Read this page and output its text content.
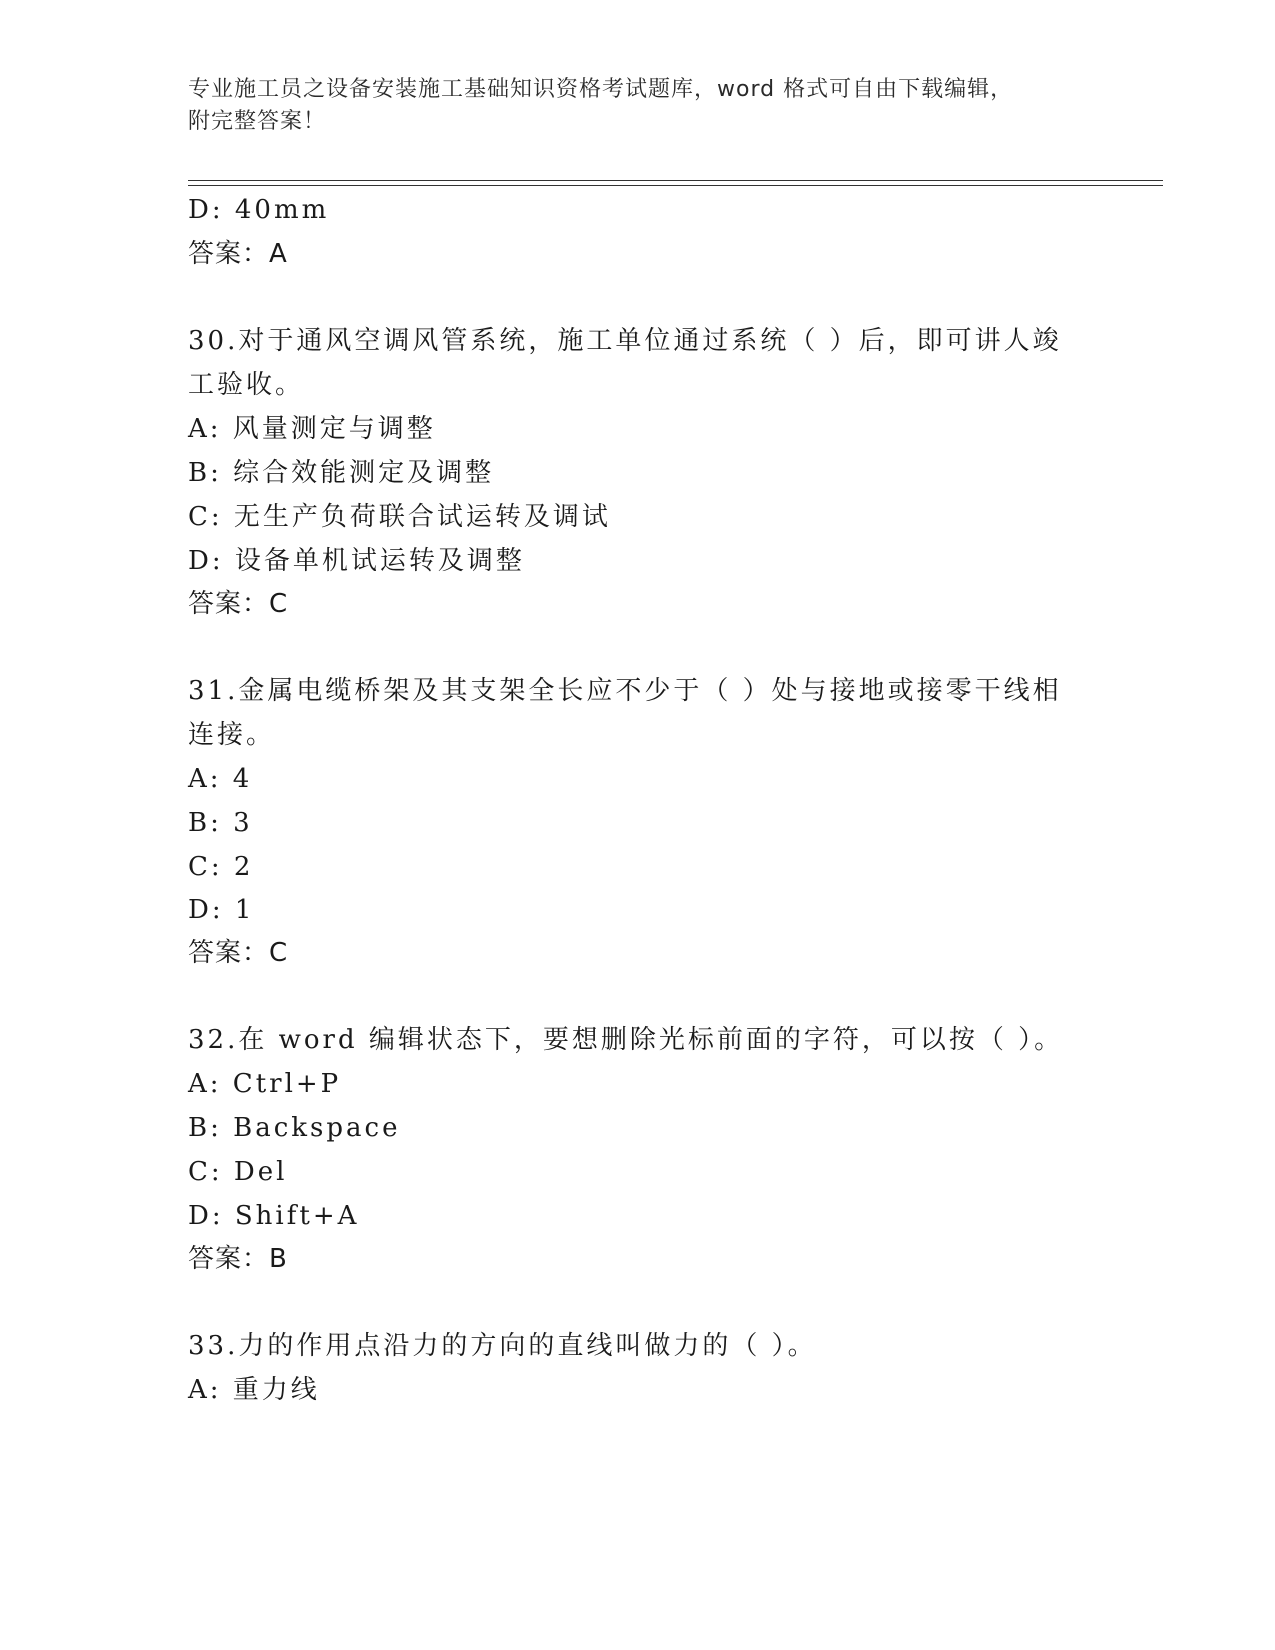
专业施工员之设备安装施工基础知识资格考试题库，word 格式可自由下载编辑，
附完整答案！
D: 40mm
答案：A
30.对于通风空调风管系统，施工单位通过系统（ ）后，即可讲人竣
工验收。
A: 风量测定与调整
B: 综合效能测定及调整
C: 无生产负荷联合试运转及调试
D: 设备单机试运转及调整
答案：C
31.金属电缆桥架及其支架全长应不少于（ ）处与接地或接零干线相
连接。
A: 4
B: 3
C: 2
D: 1
答案：C
32.在 word 编辑状态下，要想删除光标前面的字符，可以按（ ）。
A: Ctrl+P
B: Backspace
C: Del
D: Shift+A
答案：B
33.力的作用点沿力的方向的直线叫做力的（ ）。
A: 重力线
